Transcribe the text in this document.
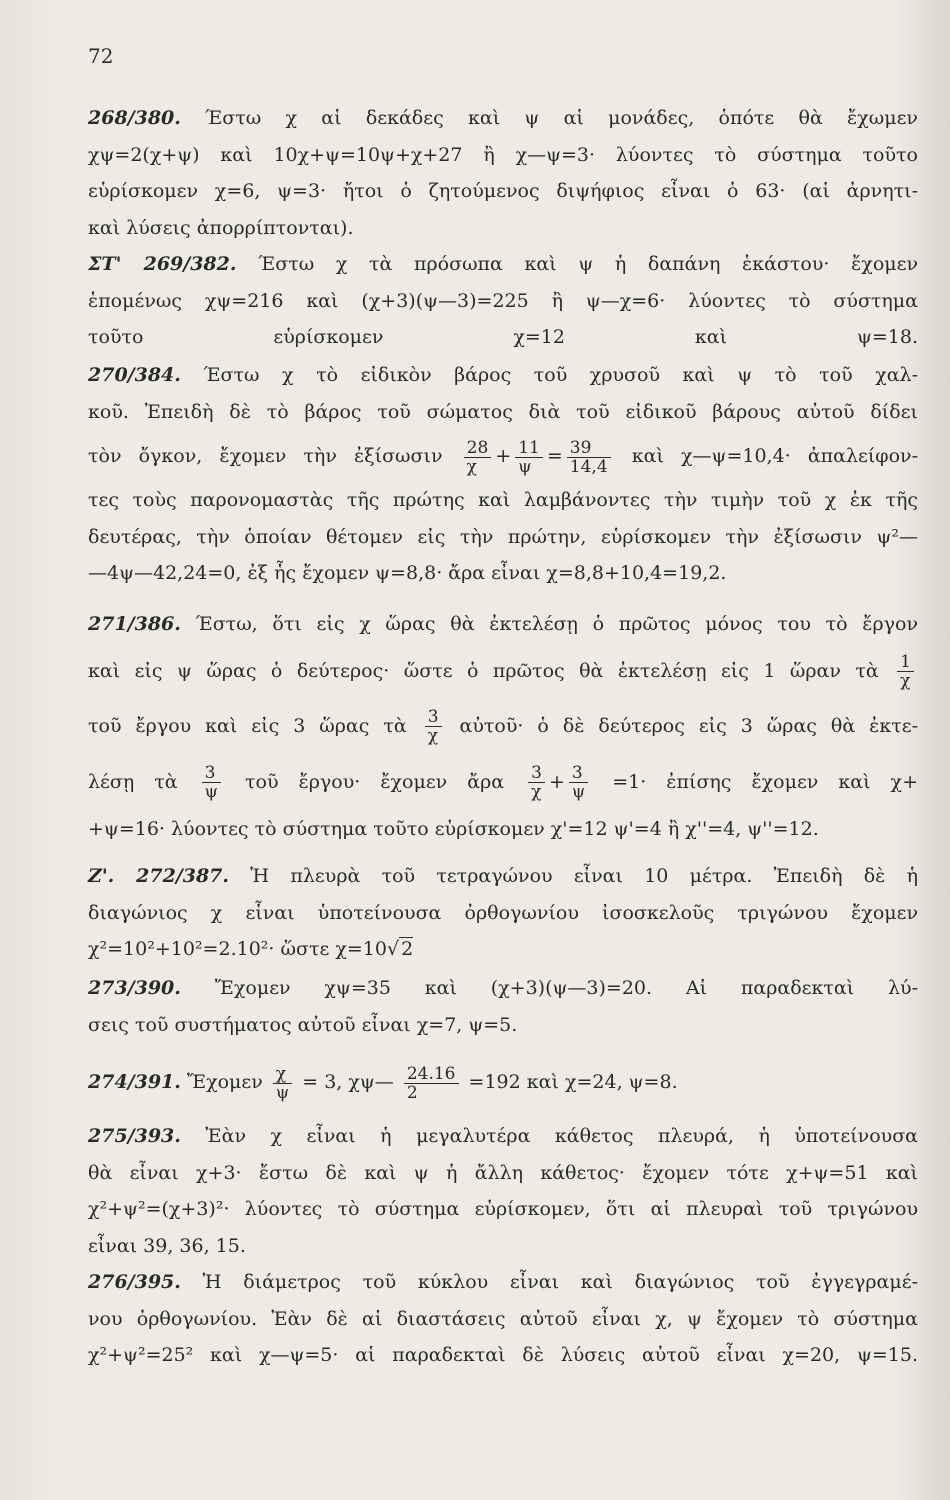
72
268/380. Έστω χ αἱ δεκάδες καὶ ψ αἱ μονάδες, ὁπότε θὰ ἔχωμεν
χψ=2(χ+ψ) καὶ 10χ+ψ=10ψ+χ+27 ἢ χ—ψ=3· λύοντες τὸ σύστημα τοῦτο
εὑρίσκομεν χ=6, ψ=3· ἤτοι ὁ ζητούμενος διψήφιος εἶναι ὁ 63· (αἱ ἀρνητι-
καὶ λύσεις ἀπορρίπτονται).
ΣΤ' 269/382. Έστω χ τὰ πρόσωπα καὶ ψ ἡ δαπάνη ἑκάστου· ἔχομεν
ἑπομένως χψ=216 καὶ (χ+3)(ψ—3)=225 ἢ ψ—χ=6· λύοντες τὸ σύστημα
τοῦτο εὑρίσκομεν χ=12 καὶ ψ=18.
270/384. Έστω χ τὸ εἰδικὸν βάρος τοῦ χρυσοῦ καὶ ψ τὸ τοῦ χαλ-
κοῦ. Ἐπειδὴ δὲ τὸ βάρος τοῦ σώματος διὰ τοῦ εἰδικοῦ βάρους αὐτοῦ δίδει
τὸν ὄγκον, ἔχομεν τὴν ἐξίσωσιν $\frac{28}{\chi} + \frac{11}{\psi} = \frac{39}{14,4}$ καὶ χ—ψ=10,4· ἀπαλείφον-
τες τοὺς παρονομαστὰς τῆς πρώτης καὶ λαμβάνοντες τὴν τιμὴν τοῦ χ ἐκ τῆς
δευτέρας, τὴν ὁποίαν θέτομεν εἰς τὴν πρώτην, εὑρίσκομεν τὴν ἐξίσωσιν ψ²—
—4ψ—42,24=0, ἐξ ἧς ἔχομεν ψ=8,8· ἄρα εἶναι χ=8,8+10,4=19,2.
271/386. Έστω, ὅτι εἰς χ ὥρας θὰ ἐκτελέσῃ ὁ πρῶτος μόνος του τὸ ἔργον
καὶ εἰς ψ ὥρας ὁ δεύτερος· ὥστε ὁ πρῶτος θὰ ἐκτελέσῃ εἰς 1 ὥραν τὰ $\frac{1}{\chi}$
τοῦ ἔργου καὶ εἰς 3 ὥρας τὰ $\frac{3}{\chi}$ αὐτοῦ· ὁ δὲ δεύτερος εἰς 3 ὥρας θὰ ἐκτε-
λέσῃ τὰ $\frac{3}{\psi}$ τοῦ ἔργου· ἔχομεν ἄρα $\frac{3}{\chi} + \frac{3}{\psi} =1\cdot$ ἐπίσης ἔχομεν καὶ χ+
+ψ=16· λύοντες τὸ σύστημα τοῦτο εὑρίσκομεν χ'=12 ψ'=4 ἢ χ''=4, ψ''=12.
Ζ'. 272/387. Ἡ πλευρὰ τοῦ τετραγώνου εἶναι 10 μέτρα. Ἐπειδὴ δὲ ἡ
διαγώνιος χ εἶναι ὑποτείνουσα ὀρθογωνίου ἰσοσκελοῦς τριγώνου ἔχομεν
χ²=10²+10²=2.10²· ὥστε χ=10√ 2
273/390. Ἔχομεν χψ=35 καὶ (χ+3)(ψ—3)=20. Αἱ παραδεκταὶ λύ-
σεις τοῦ συστήματος αὐτοῦ εἶναι χ=7, ψ=5.
274/391. Ἔχομεν $\frac{\chi}{\psi} = 3$, χψ— $\frac{24.16}{2} =192$ καὶ χ=24, ψ=8.
275/393. Ἐὰν χ εἶναι ἡ μεγαλυτέρα κάθετος πλευρά, ἡ ὑποτείνουσα
θὰ εἶναι χ+3· ἔστω δὲ καὶ ψ ἡ ἄλλη κάθετος· ἔχομεν τότε χ+ψ=51 καὶ
χ²+ψ²=(χ+3)²· λύοντες τὸ σύστημα εὑρίσκομεν, ὅτι αἱ πλευραὶ τοῦ τριγώνου
εἶναι 39, 36, 15.
276/395. Ἡ διάμετρος τοῦ κύκλου εἶναι καὶ διαγώνιος τοῦ ἐγγεγραμέ-
νου ὀρθογωνίου. Ἐὰν δὲ αἱ διαστάσεις αὐτοῦ εἶναι χ, ψ ἔχομεν τὸ σύστημα
χ²+ψ²=25² καὶ χ—ψ=5· αἱ παραδεκταὶ δὲ λύσεις αὐτοῦ εἶναι χ=20, ψ=15.
